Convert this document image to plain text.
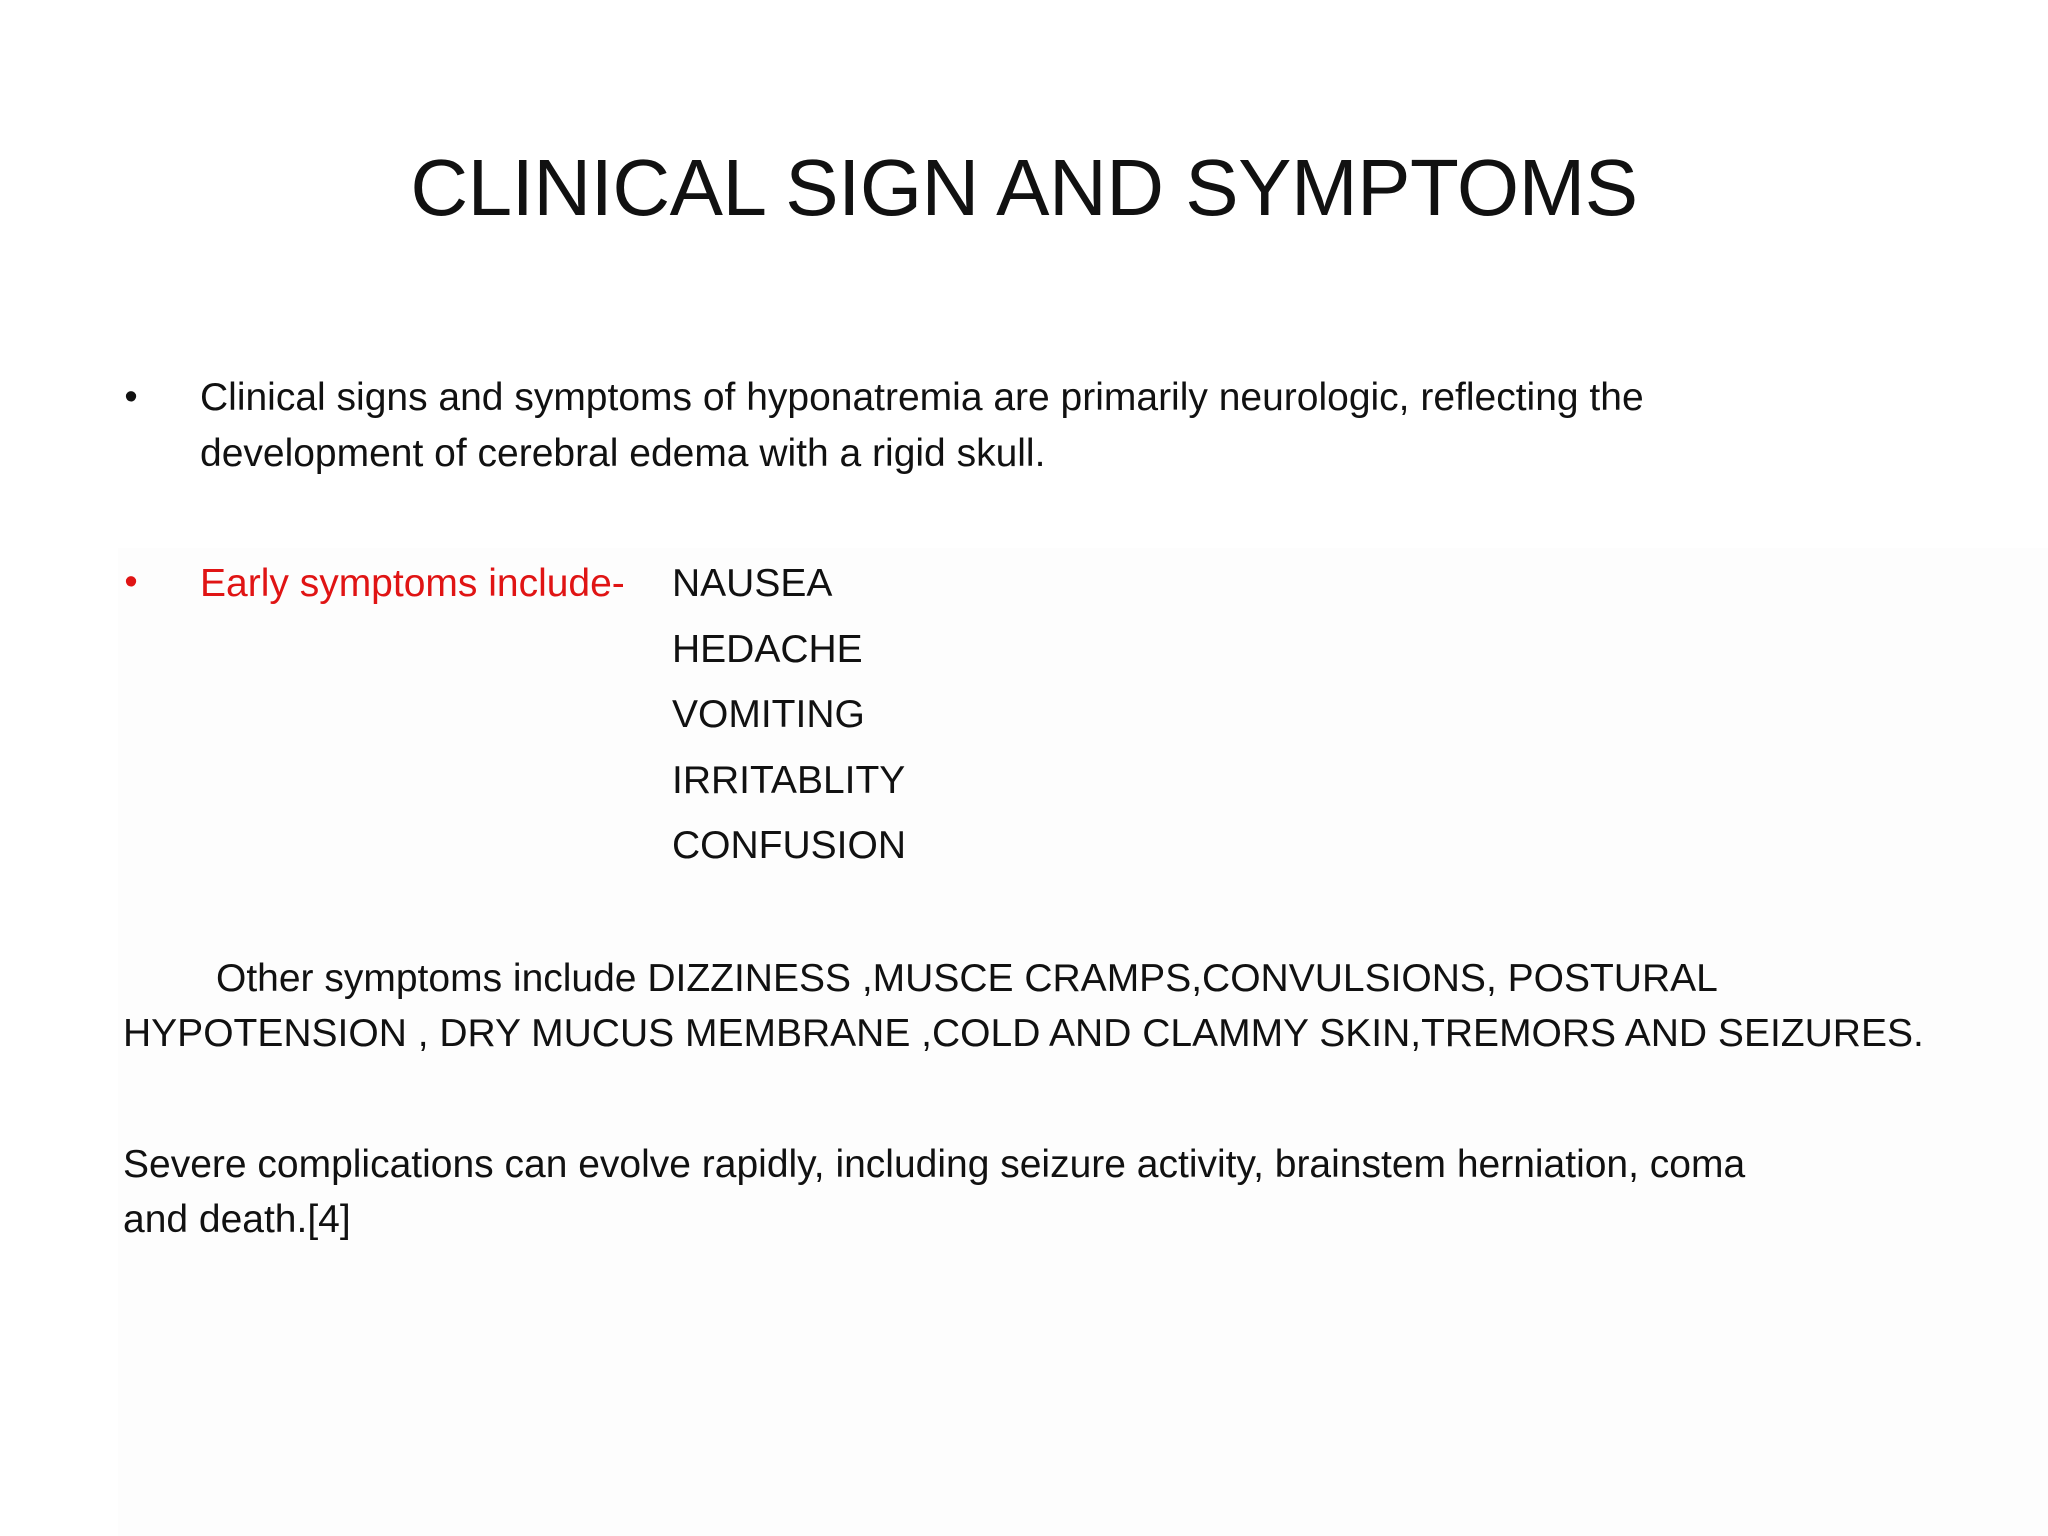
CLINICAL SIGN AND SYMPTOMS
• Clinical signs and symptoms of hyponatremia are primarily neurologic, reflecting the
development of cerebral edema with a rigid skull.
• Early symptoms include- NAUSEA
HEDACHE
VOMITING
IRRITABLITY
CONFUSION
Other symptoms include DIZZINESS ,MUSCE CRAMPS,CONVULSIONS, POSTURAL
HYPOTENSION , DRY MUCUS MEMBRANE ,COLD AND CLAMMY SKIN,TREMORS AND SEIZURES.
Severe complications can evolve rapidly, including seizure activity, brainstem herniation, coma
and death.[4]
